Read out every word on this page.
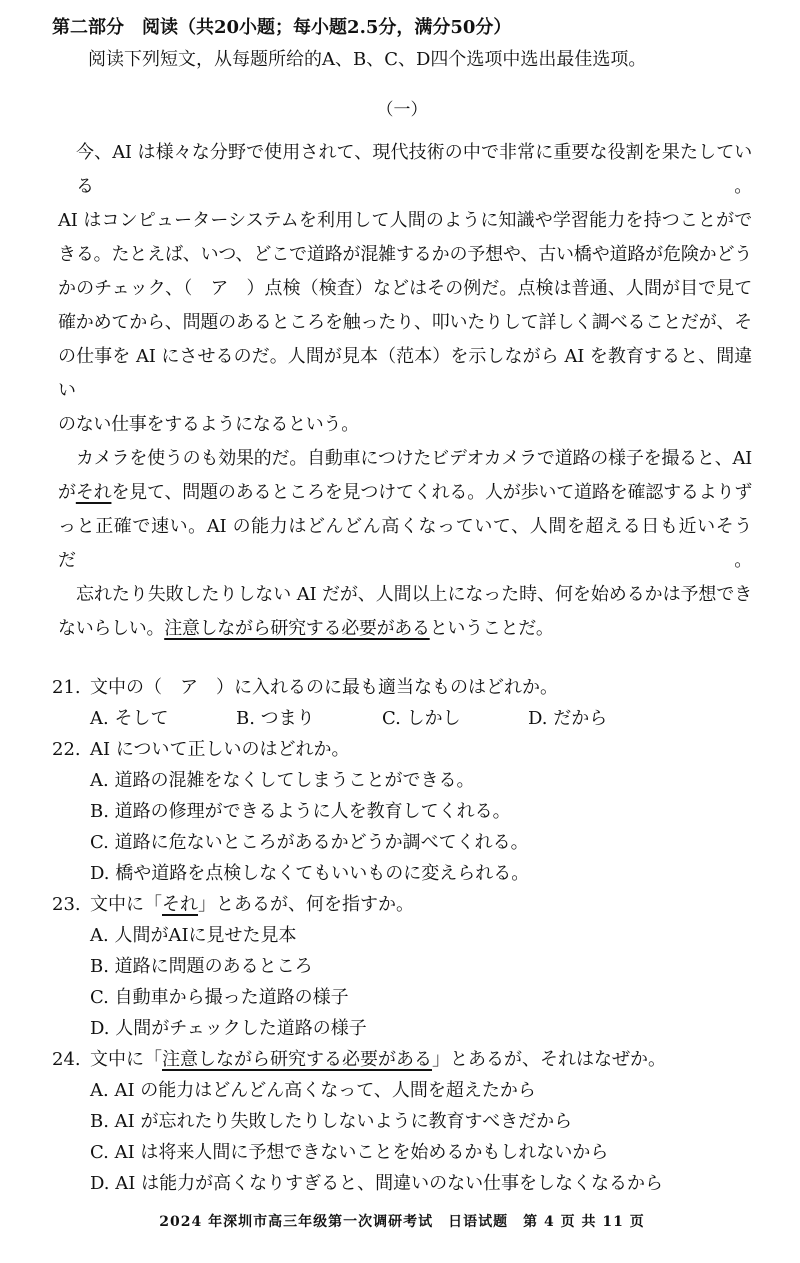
第二部分　阅读（共20小题；每小题2.5分，满分50分）
阅读下列短文，从每题所给的A、B、C、D四个选项中选出最佳选项。
（一）
今、AI は様々な分野で使用されて、現代技術の中で非常に重要な役割を果たしている。
AI はコンピューターシステムを利用して人間のように知識や学習能力を持つことがで
きる。たとえば、いつ、どこで道路が混雑するかの予想や、古い橋や道路が危険かどう
かのチェック、（　ア　）点検（検査）などはその例だ。点検は普通、人間が目で見て
確かめてから、問題のあるところを触ったり、叩いたりして詳しく調べることだが、そ
の仕事を AI にさせるのだ。人間が見本（范本）を示しながら AI を教育すると、間違い
のない仕事をするようになるという。
カメラを使うのも効果的だ。自動車につけたビデオカメラで道路の様子を撮ると、AI
がそれを見て、問題のあるところを見つけてくれる。人が歩いて道路を確認するよりず
っと正確で速い。AI の能力はどんどん高くなっていて、人間を超える日も近いそうだ。
忘れたり失敗したりしない AI だが、人間以上になった時、何を始めるかは予想でき
ないらしい。注意しながら研究する必要があるということだ。
21. 文中の（　ア　）に入れるのに最も適当なものはどれか。
A. そして	B. つまり	C. しかし	D. だから
22. AI について正しいのはどれか。
A. 道路の混雑をなくしてしまうことができる。
B. 道路の修理ができるように人を教育してくれる。
C. 道路に危ないところがあるかどうか調べてくれる。
D. 橋や道路を点検しなくてもいいものに変えられる。
23. 文中に「それ」とあるが、何を指すか。
A. 人間がAIに見せた見本
B. 道路に問題のあるところ
C. 自動車から撮った道路の様子
D. 人間がチェックした道路の様子
24. 文中に「注意しながら研究する必要がある」とあるが、それはなぜか。
A. AI の能力はどんどん高くなって、人間を超えたから
B. AI が忘れたり失敗したりしないように教育すべきだから
C. AI は将来人間に予想できないことを始めるかもしれないから
D. AI は能力が高くなりすぎると、間違いのない仕事をしなくなるから
2024 年深圳市高三年级第一次调研考试　日语试题　第 4 页 共 11 页
